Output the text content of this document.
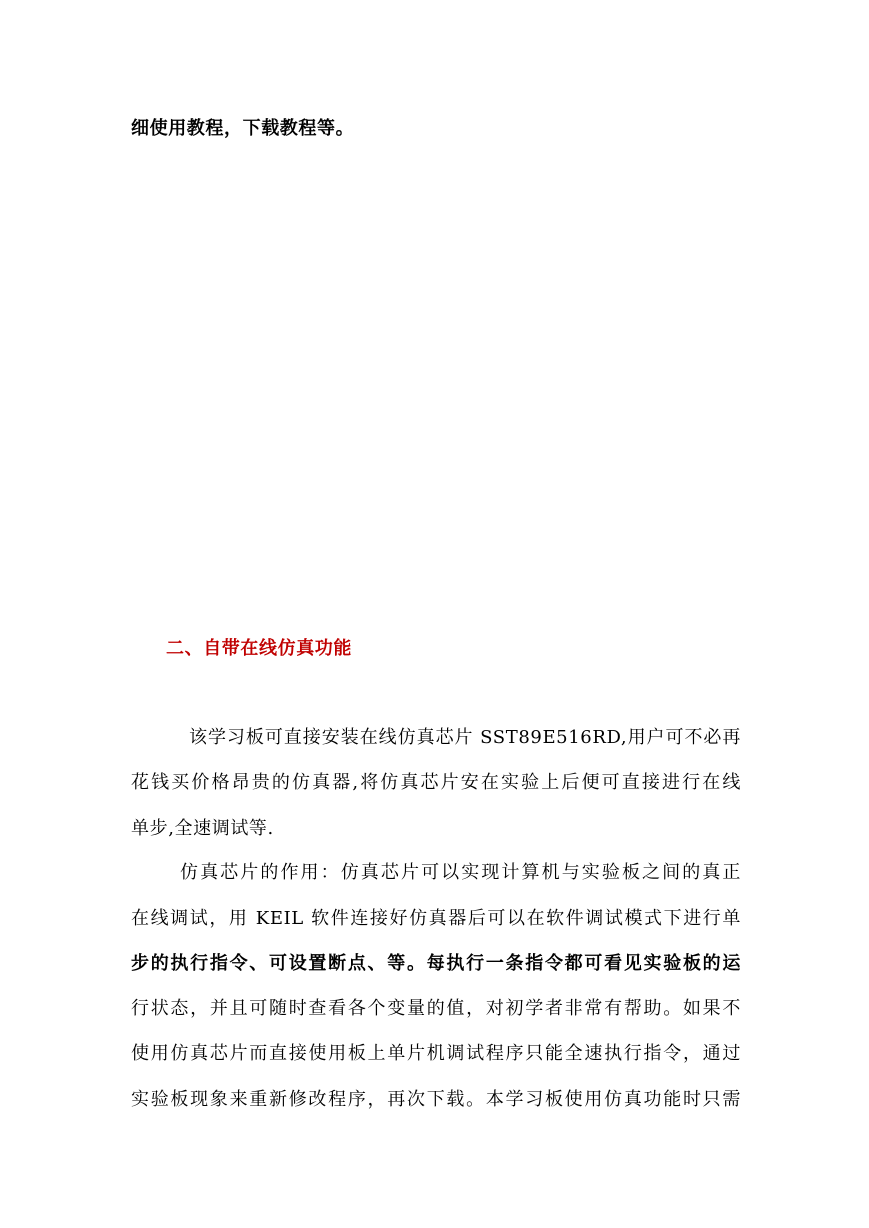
细使用教程，下载教程等。
二、自带在线仿真功能
该学习板可直接安装在线仿真芯片 SST89E516RD,用户可不必再
花钱买价格昂贵的仿真器,将仿真芯片安在实验上后便可直接进行在线
单步,全速调试等.
仿真芯片的作用：仿真芯片可以实现计算机与实验板之间的真正
在线调试，用 KEIL 软件连接好仿真器后可以在软件调试模式下进行单
步的执行指令、可设置断点、等。每执行一条指令都可看见实验板的运
行状态，并且可随时查看各个变量的值，对初学者非常有帮助。如果不
使用仿真芯片而直接使用板上单片机调试程序只能全速执行指令，通过
实验板现象来重新修改程序，再次下载。本学习板使用仿真功能时只需
